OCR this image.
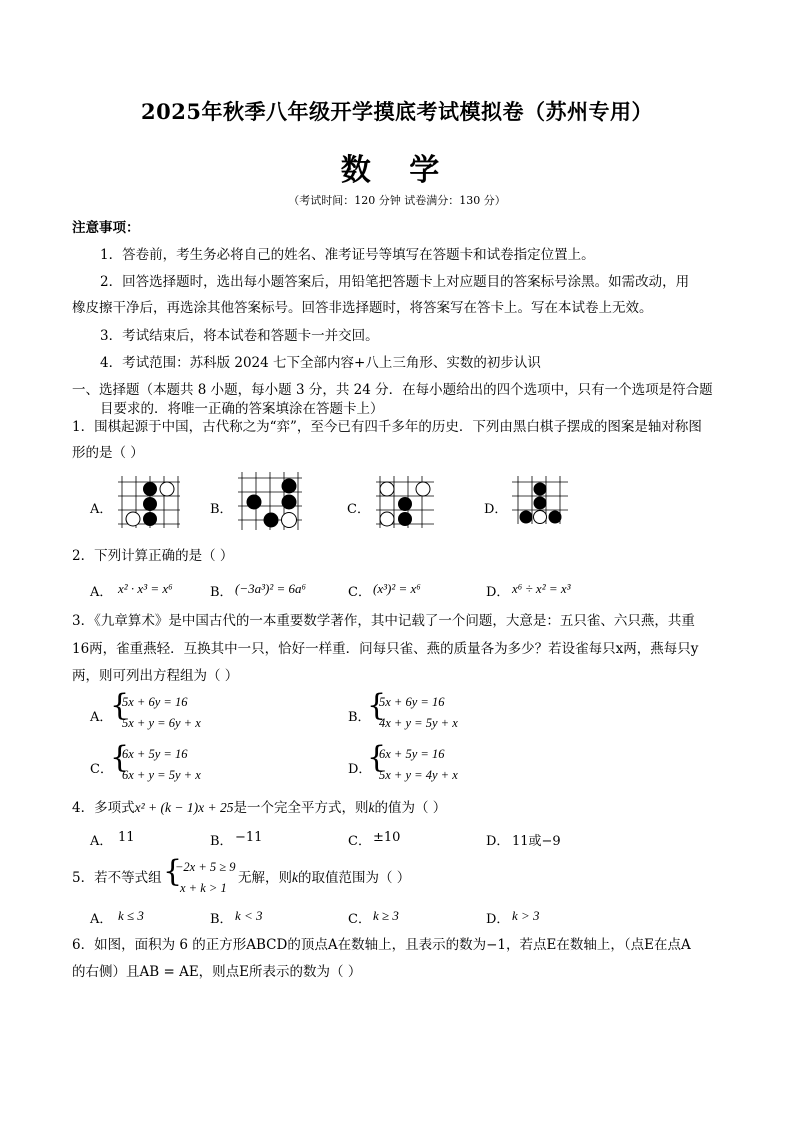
2025年秋季八年级开学摸底考试模拟卷（苏州专用）
数 学
（考试时间：120 分钟 试卷满分：130 分）
注意事项：
1．答卷前，考生务必将自己的姓名、准考证号等填写在答题卡和试卷指定位置上。
2．回答选择题时，选出每小题答案后，用铅笔把答题卡上对应题目的答案标号涂黑。如需改动，用
橡皮擦干净后，再选涂其他答案标号。回答非选择题时，将答案写在答卡上。写在本试卷上无效。
3．考试结束后，将本试卷和答题卡一并交回。
4．考试范围：苏科版 2024 七下全部内容+八上三角形、实数的初步认识
一、选择题（本题共 8 小题，每小题 3 分，共 24 分．在每小题给出的四个选项中，只有一个选项是符合题
目要求的．将唯一正确的答案填涂在答题卡上）
1．围棋起源于中国，古代称之为“弈”，至今已有四千多年的历史．下列由黑白棋子摆成的图案是轴对称图
形的是（ ）
A．	B．	C．	D．
2．下列计算正确的是（ ）
A． x² · x³ = x⁶	B． (−3a³)² = 6a⁶	C． (x³)² = x⁶	D． x⁶ ÷ x² = x³
3．《九章算术》是中国古代的一本重要数学著作，其中记载了一个问题，大意是：五只雀、六只燕，共重
16两，雀重燕轻．互换其中一只，恰好一样重．问每只雀、燕的质量各为多少？若设雀每只x两，燕每只y
两，则可列出方程组为（ ）
A．
{
5x + 6y = 16
5x + y = 6y + x	B．
{
5x + 6y = 16
4x + y = 5y + x
C．
{
6x + 5y = 16
6x + y = 5y + x	D．
{
6x + 5y = 16
5x + y = 4y + x
4．多项式x² + (k − 1)x + 25是一个完全平方式，则k的值为（ ）
A． 11	B． −11	C． ±10	D． 11或−9
5．若不等式组 {
−2x + 5 ≥ 9
x + k > 1
无解，则k的取值范围为（ ）
A． k ≤ 3	B． k < 3	C． k ≥ 3	D． k > 3
6．如图，面积为 6 的正方形ABCD的顶点A在数轴上，且表示的数为−1，若点E在数轴上，（点E在点A
的右侧）且AB = AE，则点E所表示的数为（ ）
